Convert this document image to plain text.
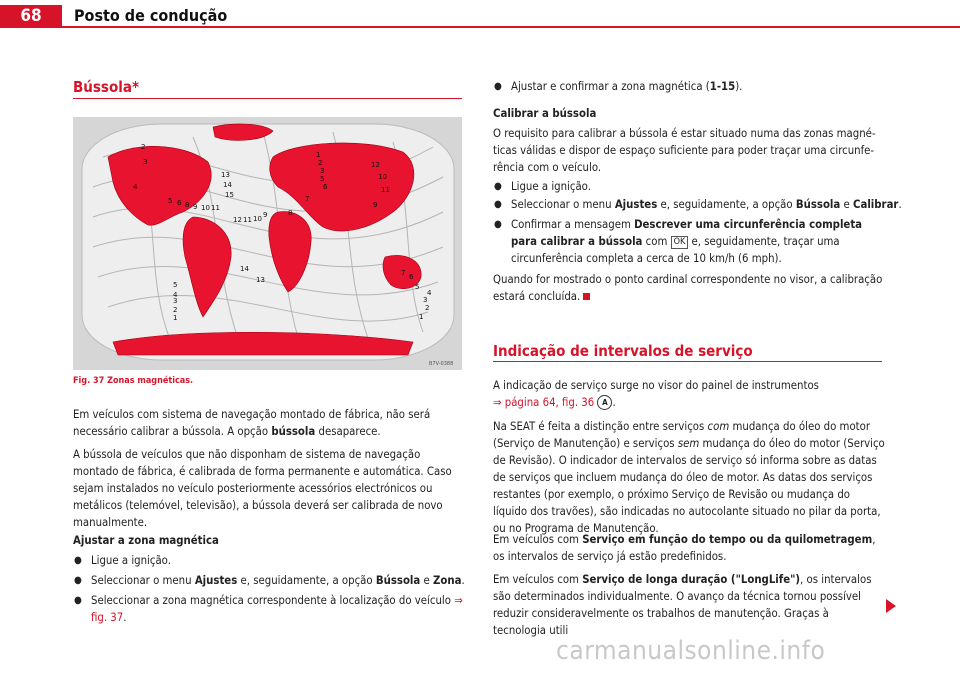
68	Posto de condução
Bússola*
2
3
4
5 6 8 9 10 11
13
14
15
12 11 10 9
1
2
3
5
6
12
10
11
9
7
8
14
13
5
4
3
2
1
7 6
5
4
3
2
1
B7V-0388
Fig. 37 Zonas magnéticas.
Em veículos com sistema de navegação montado de fábrica, não será necessário calibrar a bússola. A opção bússola desaparece.
A bússola de veículos que não disponham de sistema de navegação montado de fábrica, é calibrada de forma permanente e automática. Caso sejam instalados no veículo posteriormente acessórios electrónicos ou metálicos (telemóvel, televisão), a bússola deverá ser calibrada de novo manualmente.
Ajustar a zona magnética
● Ligue a ignição.
● Seleccionar o menu Ajustes e, seguidamente, a opção Bússola e Zona.
● Seleccionar a zona magnética correspondente à localização do veículo ⇒ fig. 37.
● Ajustar e confirmar a zona magnética (1-15).
Calibrar a bússola
O requisito para calibrar a bússola é estar situado numa das zonas magnéticas válidas e dispor de espaço suficiente para poder traçar uma circunferência com o veículo.
● Ligue a ignição.
● Seleccionar o menu Ajustes e, seguidamente, a opção Bússola e Calibrar.
● Confirmar a mensagem Descrever uma circunferência completa para calibrar a bússola com OK e, seguidamente, traçar uma circunferência completa a cerca de 10 km/h (6 mph).
Quando for mostrado o ponto cardinal correspondente no visor, a calibração estará concluída.
Indicação de intervalos de serviço
A indicação de serviço surge no visor do painel de instrumentos
⇒ página 64, fig. 36 A .
Na SEAT é feita a distinção entre serviços com mudança do óleo do motor (Serviço de Manutenção) e serviços sem mudança do óleo do motor (Serviço de Revisão). O indicador de intervalos de serviço só informa sobre as datas de serviços que incluem mudança do óleo de motor. As datas dos serviços restantes (por exemplo, o próximo Serviço de Revisão ou mudança do líquido dos travões), são indicadas no autocolante situado no pilar da porta, ou no Programa de Manutenção.
Em veículos com Serviço em função do tempo ou da quilometragem, os intervalos de serviço já estão predefinidos.
Em veículos com Serviço de longa duração ("LongLife"), os intervalos são determinados individualmente. O avanço da técnica tornou possível reduzir consideravelmente os trabalhos de manutenção. Graças à tecnologia utili
carmanualsonline.info
